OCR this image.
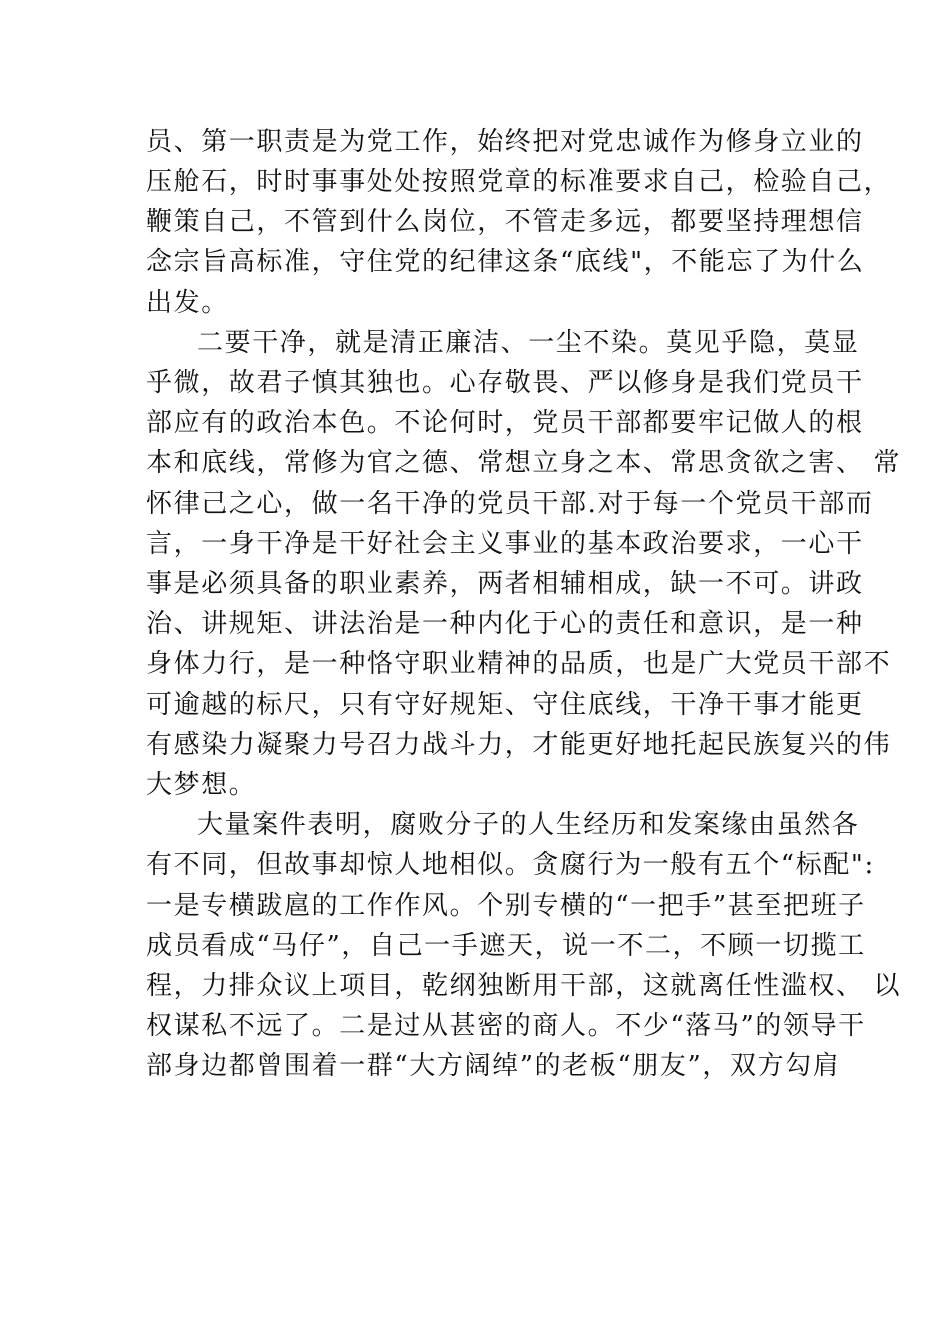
员、第一职责是为党工作，始终把对党忠诚作为修身立业的
压舱石，时时事事处处按照党章的标准要求自己，检验自己，
鞭策自己，不管到什么岗位，不管走多远，都要坚持理想信
念宗旨高标准，守住党的纪律这条“底线"，不能忘了为什么
出发。
二要干净，就是清正廉洁、一尘不染。莫见乎隐，莫显
乎微，故君子慎其独也。心存敬畏、严以修身是我们党员干
部应有的政治本色。不论何时，党员干部都要牢记做人的根
本和底线，常修为官之德、常想立身之本、常思贪欲之害、 常
怀律己之心，做一名干净的党员干部.对于每一个党员干部而
言，一身干净是干好社会主义事业的基本政治要求，一心干
事是必须具备的职业素养，两者相辅相成，缺一不可。讲政
治、讲规矩、讲法治是一种内化于心的责任和意识，是一种
身体力行，是一种恪守职业精神的品质，也是广大党员干部不
可逾越的标尺，只有守好规矩、守住底线，干净干事才能更
有感染力凝聚力号召力战斗力，才能更好地托起民族复兴的伟
大梦想。
大量案件表明，腐败分子的人生经历和发案缘由虽然各
有不同，但故事却惊人地相似。贪腐行为一般有五个“标配":
一是专横跋扈的工作作风。个别专横的“一把手”甚至把班子
成员看成“马仔”，自己一手遮天，说一不二，不顾一切揽工
程，力排众议上项目，乾纲独断用干部，这就离任性滥权、 以
权谋私不远了。二是过从甚密的商人。不少“落马”的领导干
部身边都曾围着一群“大方阔绰”的老板“朋友”，双方勾肩
